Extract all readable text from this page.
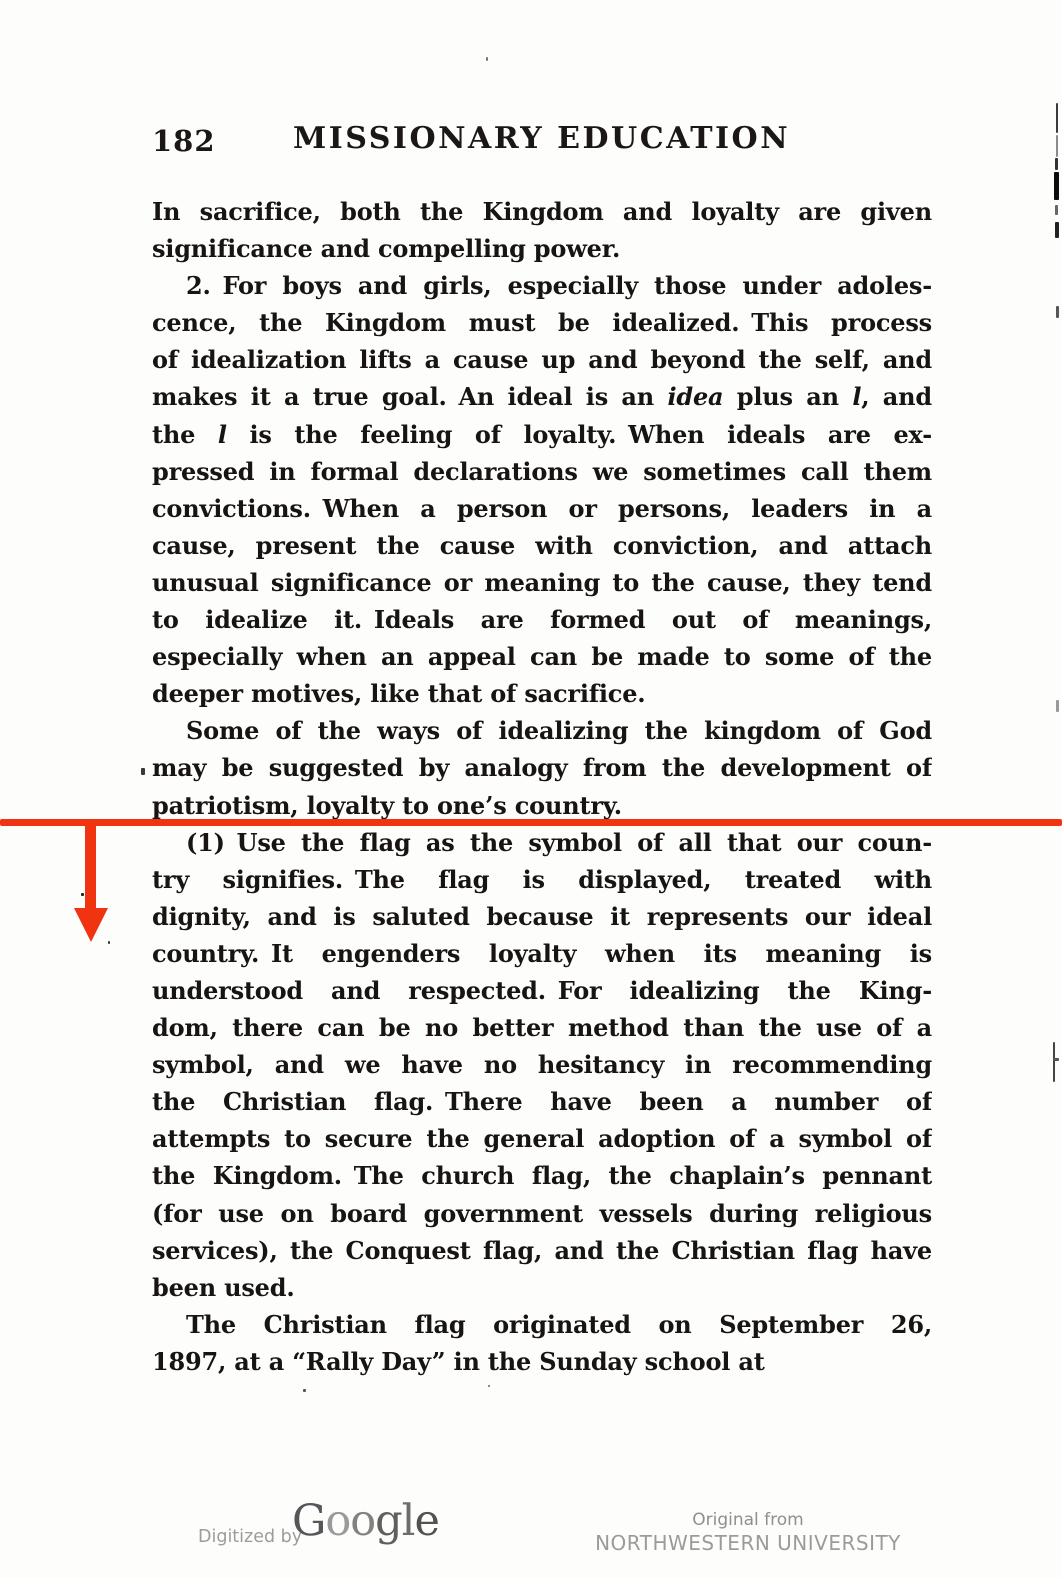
182	MISSIONARY EDUCATION
In sacrifice, both the Kingdom and loyalty are given
significance and compelling power.
2. For boys and girls, especially those under adoles-
cence, the Kingdom must be idealized. This process
of idealization lifts a cause up and beyond the self, and
makes it a true goal. An ideal is an idea plus an l, and
the l is the feeling of loyalty. When ideals are ex-
pressed in formal declarations we sometimes call them
convictions. When a person or persons, leaders in a
cause, present the cause with conviction, and attach
unusual significance or meaning to the cause, they tend
to idealize it. Ideals are formed out of meanings,
especially when an appeal can be made to some of the
deeper motives, like that of sacrifice.
Some of the ways of idealizing the kingdom of God
may be suggested by analogy from the development of
patriotism, loyalty to one’s country.
(1) Use the flag as the symbol of all that our coun-
try signifies. The flag is displayed, treated with
dignity, and is saluted because it represents our ideal
country. It engenders loyalty when its meaning is
understood and respected. For idealizing the King-
dom, there can be no better method than the use of a
symbol, and we have no hesitancy in recommending
the Christian flag. There have been a number of
attempts to secure the general adoption of a symbol of
the Kingdom. The church flag, the chaplain’s pennant
(for use on board government vessels during religious
services), the Conquest flag, and the Christian flag have
been used.
The Christian flag originated on September 26,
1897, at a “Rally Day” in the Sunday school at
Digitized by
Google	Original from
NORTHWESTERN UNIVERSITY
